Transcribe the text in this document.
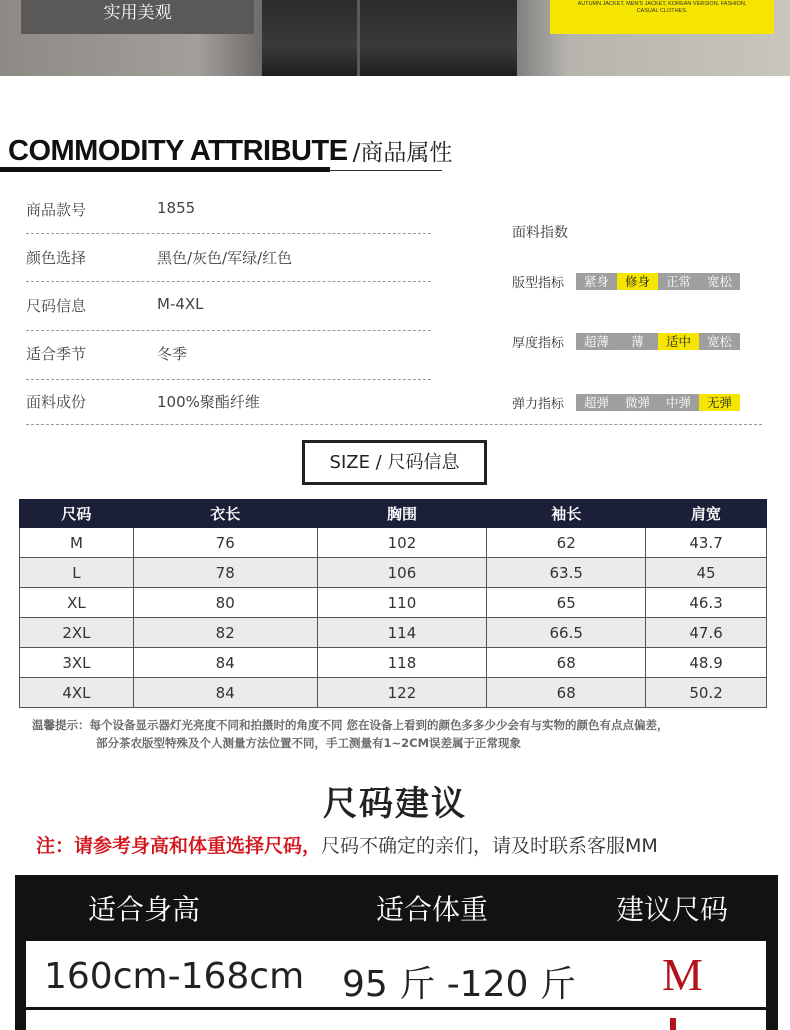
实用美观	AUTUMN JACKET, MEN'S JACKET, KOREAN VERSION, FASHION,
CASUAL CLOTHES.
COMMODITY ATTRIBUTE /商品属性
商品款号	1855
颜色选择	黑色/灰色/军绿/红色
尺码信息	M-4XL
适合季节	冬季
面料成份	100%聚酯纤维
面料指数
版型指标	紧身	修身	正常	宽松
厚度指标	超薄	薄	适中	宽松
弹力指标	超弹	微弹	中弹	无弹
SIZE / 尺码信息
尺码	衣长	胸围	袖长	肩宽
M	76	102	62	43.7
L	78	106	63.5	45
XL	80	110	65	46.3
2XL	82	114	66.5	47.6
3XL	84	118	68	48.9
4XL	84	122	68	50.2
温馨提示：每个设备显示器灯光亮度不同和拍摄时的角度不同 您在设备上看到的颜色多多少少会有与实物的颜色有点点偏差，
部分茶农版型特殊及个人测量方法位置不同，手工测量有1~2CM误差属于正常现象
尺码建议
注：请参考身高和体重选择尺码，尺码不确定的亲们，请及时联系客服MM
适合身高	适合体重	建议尺码
160cm-168cm 95 斤 -120 斤 M
